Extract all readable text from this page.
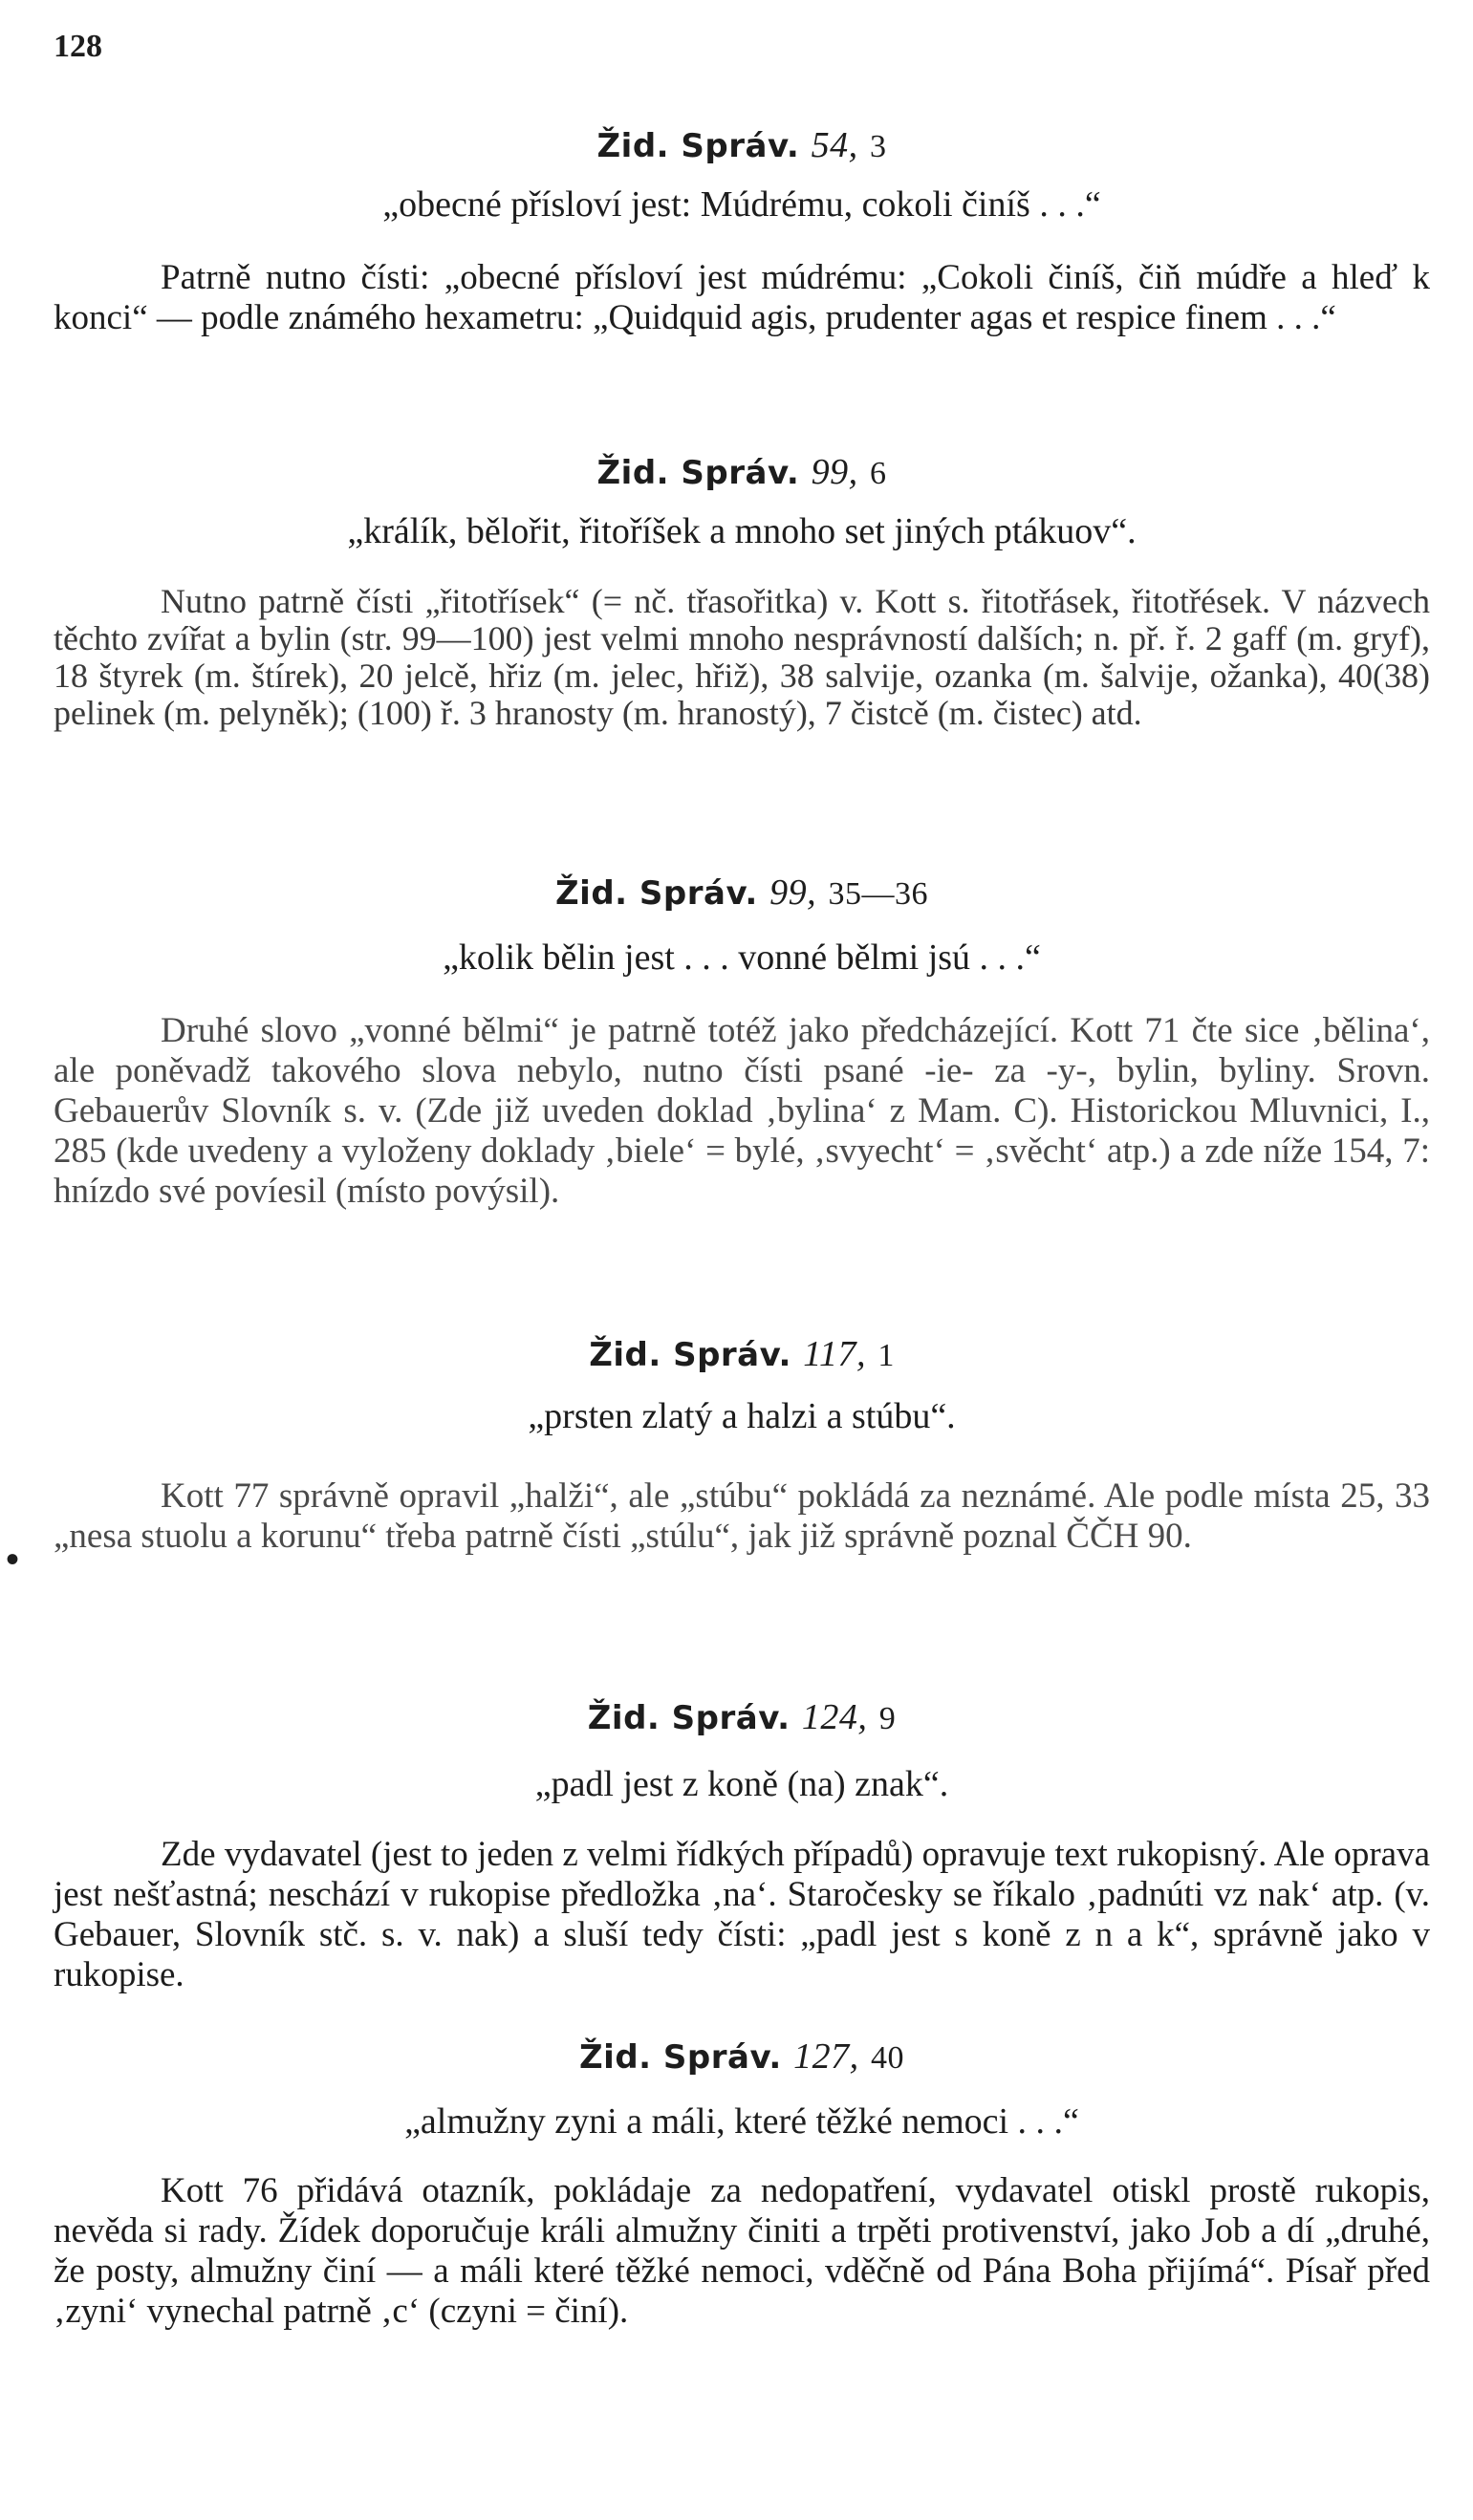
128
Žid. Správ. 54, 3
„obecné přísloví jest: Múdrému, cokoli činíš . . .“

Patrně nutno čísti: „obecné přísloví jest múdrému: „Cokoli činíš, čiň múdře a hleď k konci“ — podle známého hexametru: „Quidquid agis, prudenter agas et respice finem . . .“

Žid. Správ. 99, 6
„králík, bělořit, řitoříšek a mnoho set jiných ptákuov“.

Nutno patrně čísti „řitotřísek“ (= nč. třasořitka) v. Kott s. řitotřásek, řitotřések. V názvech těchto zvířat a bylin (str. 99—100) jest velmi mnoho nesprávností dalších; n. př. ř. 2 gaff (m. gryf), 18 štyrek (m. štírek), 20 jelcě, hřiz (m. jelec, hřiž), 38 salvije, ozanka (m. šalvije, ožanka), 40(38) pelinek (m. pelyněk); (100) ř. 3 hranosty (m. hranostý), 7 čistcě (m. čistec) atd.

Žid. Správ. 99, 35—36
„kolik bělin jest . . . vonné bělmi jsú . . .“

Druhé slovo „vonné bělmi“ je patrně totéž jako předcházející. Kott 71 čte sice ‚bělina‘, ale poněvadž takového slova nebylo, nutno čísti psané -ie- za -y-, bylin, byliny. Srovn. Gebauerův Slovník s. v. (Zde již uveden doklad ‚bylina‘ z Mam. C). Historickou Mluvnici, I., 285 (kde uvedeny a vyloženy doklady ‚biele‘ = bylé, ‚svyecht‘ = ‚svěcht‘ atp.) a zde níže 154, 7: hnízdo své povíesil (místo povýsil).

Žid. Správ. 117, 1
„prsten zlatý a halzi a stúbu“.
•

Kott 77 správně opravil „halži“, ale „stúbu“ pokládá za neznámé. Ale podle místa 25, 33 „nesa stuolu a korunu“ třeba patrně čísti „stúlu“, jak již správně poznal ČČH 90.

Žid. Správ. 124, 9
„padl jest z koně (na) znak“.

Zde vydavatel (jest to jeden z velmi řídkých případů) opravuje text rukopisný. Ale oprava jest nešťastná; neschází v rukopise předložka ‚na‘. Staročesky se říkalo ‚padnúti vz nak‘ atp. (v. Gebauer, Slovník stč. s. v. nak) a sluší tedy čísti: „padl jest s koně z n a k“, správně jako v rukopise.

Žid. Správ. 127, 40
„almužny zyni a máli, které těžké nemoci . . .“

Kott 76 přidává otazník, pokládaje za nedopatření, vydavatel otiskl prostě rukopis, nevěda si rady. Žídek doporučuje králi almužny činiti a trpěti protivenství, jako Job a dí „druhé, že posty, almužny činí — a máli které těžké nemoci, vděčně od Pána Boha přijímá“. Písař před ‚zyni‘ vynechal patrně ‚c‘ (czyni = činí).
